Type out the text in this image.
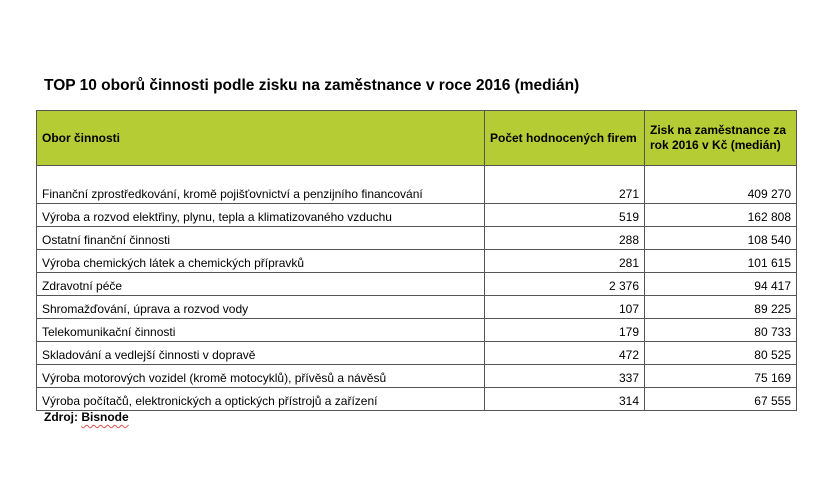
TOP 10 oborů činnosti podle zisku na zaměstnance v roce 2016 (medián)
Obor činnosti	Počet hodnocených firem	Zisk na zaměstnance za rok 2016 v Kč (medián)
Finanční zprostředkování, kromě pojišťovnictví a penzijního financování	271	409 270
Výroba a rozvod elektřiny, plynu, tepla a klimatizovaného vzduchu	519	162 808
Ostatní finanční činnosti	288	108 540
Výroba chemických látek a chemických přípravků	281	101 615
Zdravotní péče	2 376	94 417
Shromažďování, úprava a rozvod vody	107	89 225
Telekomunikační činnosti	179	80 733
Skladování a vedlejší činnosti v dopravě	472	80 525
Výroba motorových vozidel (kromě motocyklů), přívěsů a návěsů	337	75 169
Výroba počítačů, elektronických a optických přístrojů a zařízení	314	67 555
Zdroj: Bisnode
